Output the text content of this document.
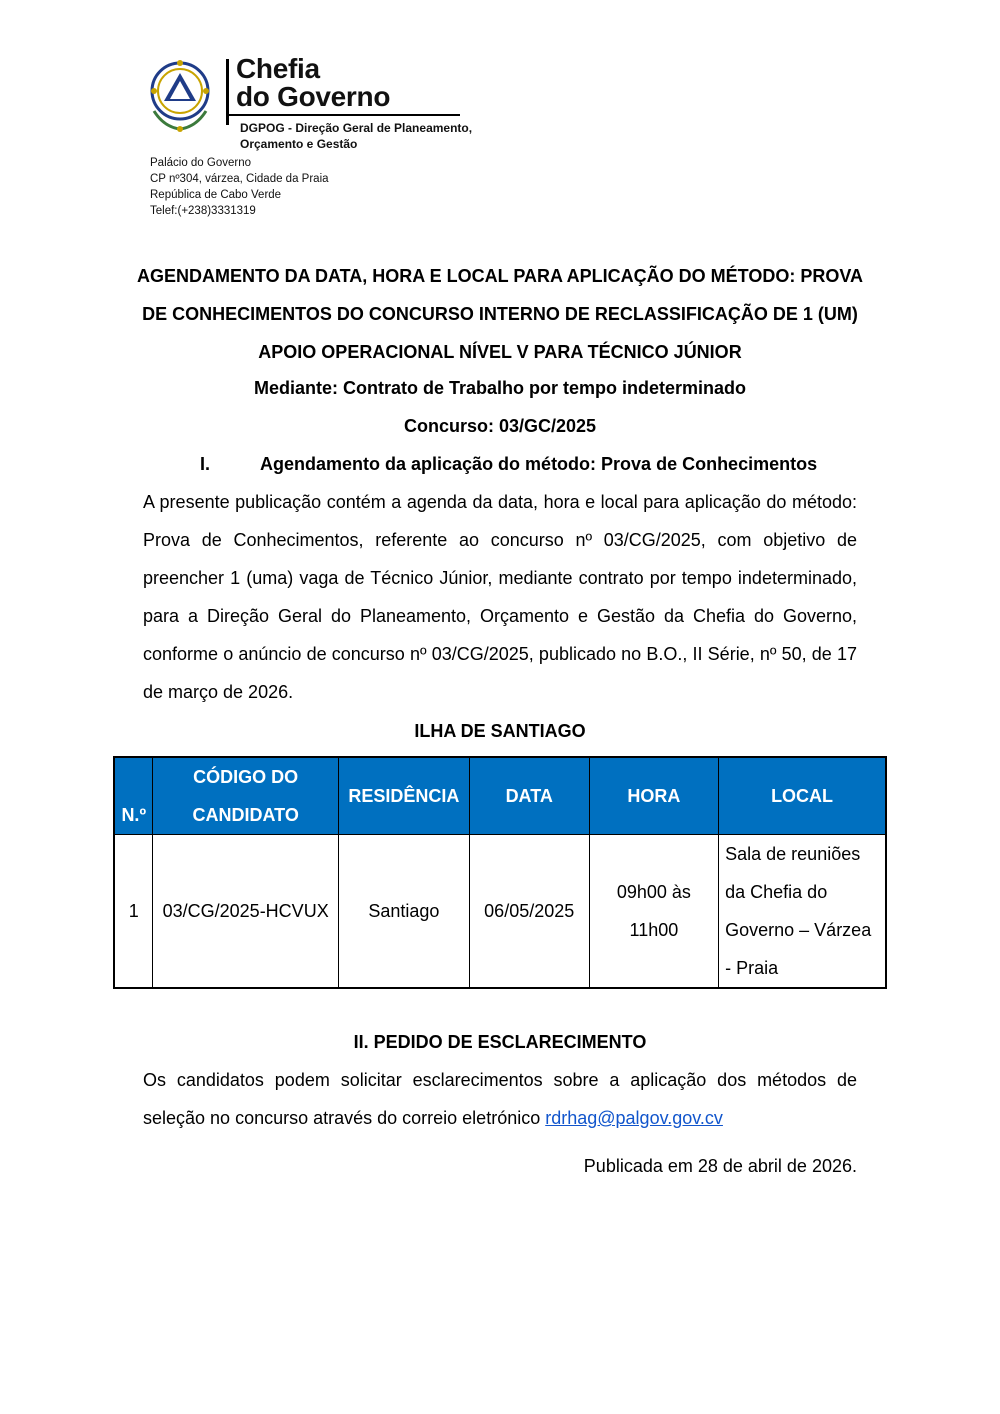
Chefia
do Governo
DGPOG - Direção Geral de Planeamento,
Orçamento e Gestão
Palácio do Governo
CP nº304, várzea, Cidade da Praia
República de Cabo Verde
Telef:(+238)3331319
AGENDAMENTO DA DATA, HORA E LOCAL PARA APLICAÇÃO DO MÉTODO: PROVA
DE CONHECIMENTOS DO CONCURSO INTERNO DE RECLASSIFICAÇÃO DE 1 (UM)
APOIO OPERACIONAL NÍVEL V PARA TÉCNICO JÚNIOR
Mediante: Contrato de Trabalho por tempo indeterminado
Concurso: 03/GC/2025
I.	Agendamento da aplicação do método: Prova de Conhecimentos
A presente publicação contém a agenda da data, hora e local para aplicação do método: Prova de Conhecimentos, referente ao concurso nº 03/CG/2025, com objetivo de preencher 1 (uma) vaga de Técnico Júnior, mediante contrato por tempo indeterminado, para a Direção Geral do Planeamento, Orçamento e Gestão da Chefia do Governo, conforme o anúncio de concurso nº 03/CG/2025, publicado no B.O., II Série, nº 50, de 17 de março de 2026.
ILHA DE SANTIAGO
N.º	CÓDIGO DO CANDIDATO	RESIDÊNCIA	DATA	HORA	LOCAL
1	03/CG/2025-HCVUX	Santiago	06/05/2025	09h00 às 11h00	Sala de reuniões da Chefia do Governo – Várzea - Praia
II. PEDIDO DE ESCLARECIMENTO
Os candidatos podem solicitar esclarecimentos sobre a aplicação dos métodos de seleção no concurso através do correio eletrónico rdrhag@palgov.gov.cv
Publicada em 28 de abril de 2026.
